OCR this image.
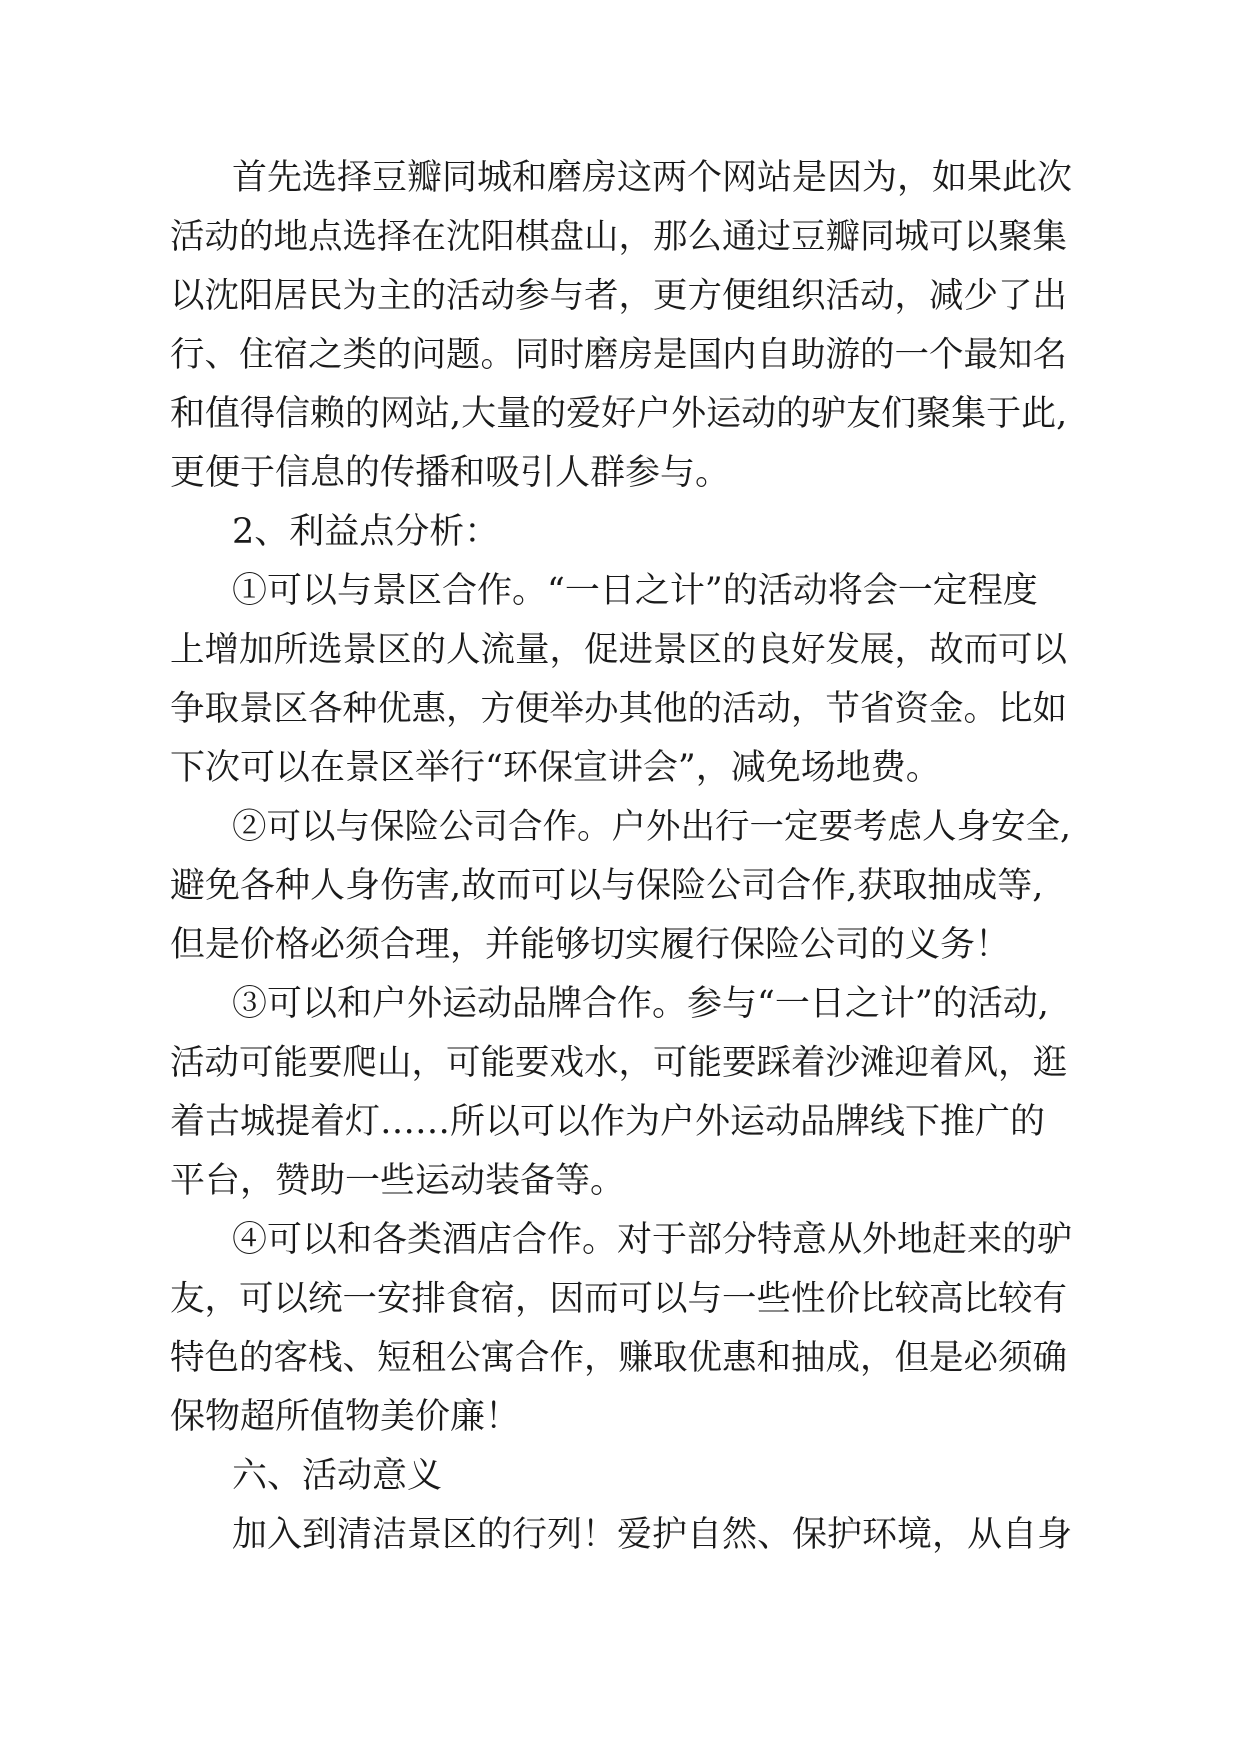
首先选择豆瓣同城和磨房这两个网站是因为，如果此次
活动的地点选择在沈阳棋盘山，那么通过豆瓣同城可以聚集
以沈阳居民为主的活动参与者，更方便组织活动，减少了出
行、住宿之类的问题。同时磨房是国内自助游的一个最知名
和值得信赖的网站,大量的爱好户外运动的驴友们聚集于此,
更便于信息的传播和吸引人群参与。
2、利益点分析：
①可以与景区合作。“一日之计”的活动将会一定程度
上增加所选景区的人流量，促进景区的良好发展，故而可以
争取景区各种优惠，方便举办其他的活动，节省资金。比如
下次可以在景区举行“环保宣讲会”，减免场地费。
②可以与保险公司合作。户外出行一定要考虑人身安全,
避免各种人身伤害,故而可以与保险公司合作,获取抽成等,
但是价格必须合理，并能够切实履行保险公司的义务！
③可以和户外运动品牌合作。参与“一日之计”的活动,
活动可能要爬山，可能要戏水，可能要踩着沙滩迎着风，逛
着古城提着灯……所以可以作为户外运动品牌线下推广的
平台，赞助一些运动装备等。
④可以和各类酒店合作。对于部分特意从外地赶来的驴
友，可以统一安排食宿，因而可以与一些性价比较高比较有
特色的客栈、短租公寓合作，赚取优惠和抽成，但是必须确
保物超所值物美价廉！
六、活动意义
加入到清洁景区的行列！爱护自然、保护环境，从自身
